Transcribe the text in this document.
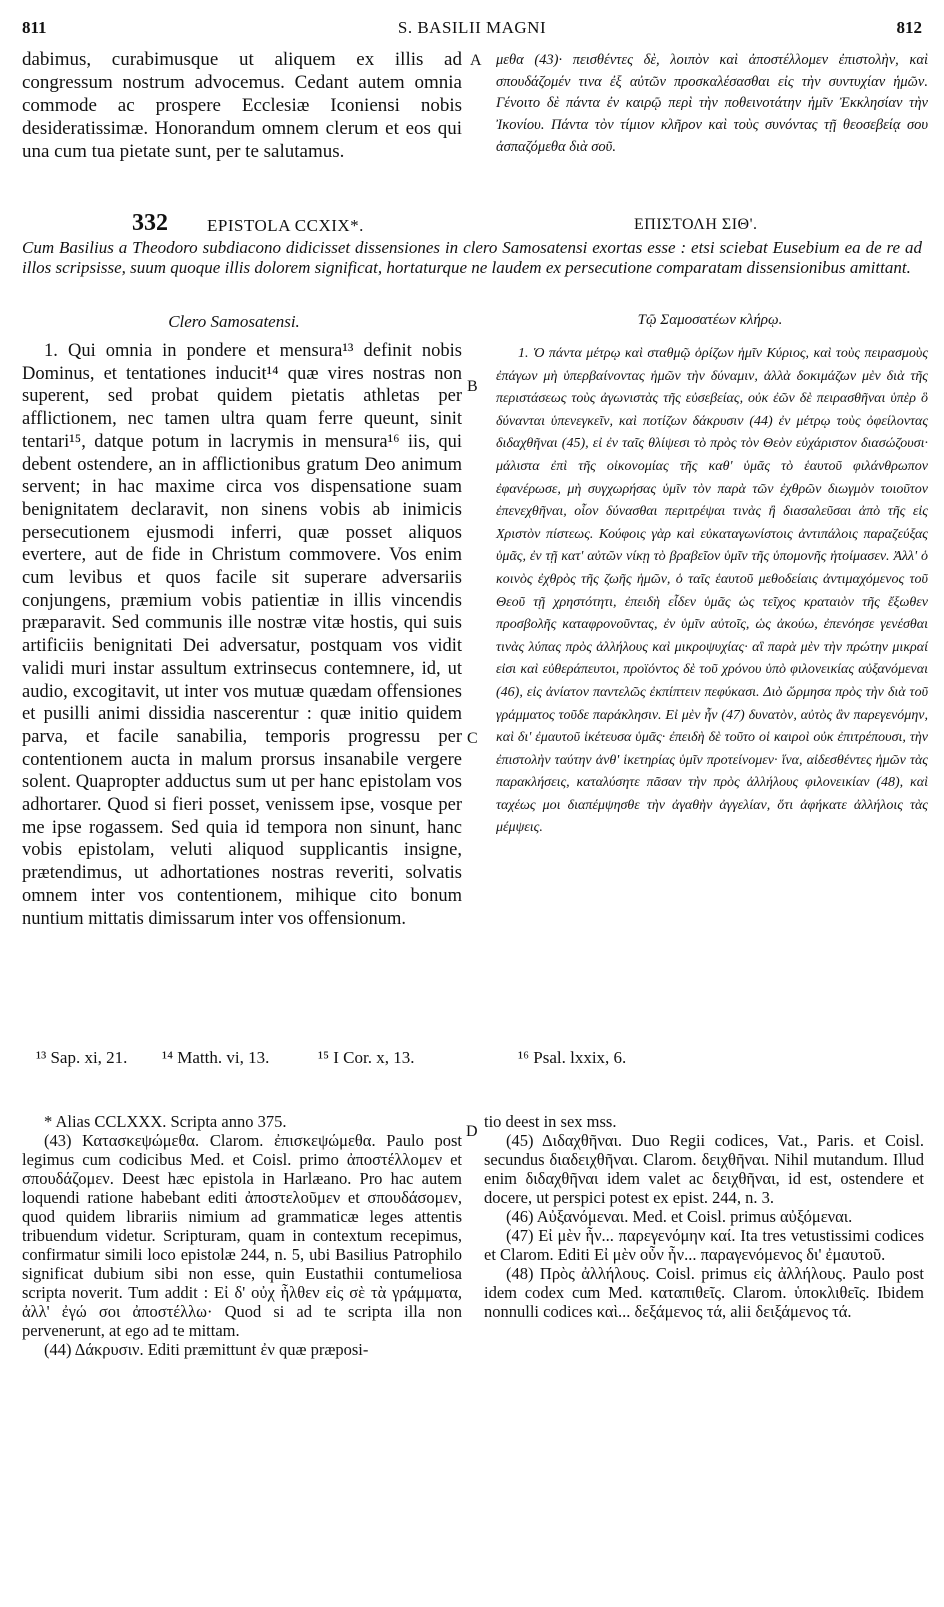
811	S. BASILII MAGNI	812

dabimus, curabimusque ut aliquem ex illis ad congressum nostrum advocemus. Cedant autem omnia commode ac prospere Ecclesiæ Iconiensi nobis desideratissimæ. Honorandum omnem clerum et eos qui una cum tua pietate sunt, per te salutamus.

μεθα (43)· πεισθέντες δὲ, λοιπὸν καὶ ἀποστέλλομεν ἐπιστολὴν, καὶ σπουδάζομέν τινα ἐξ αὐτῶν προσκαλέσασθαι εἰς τὴν συντυχίαν ἡμῶν. Γένοιτο δὲ πάντα ἐν καιρῷ περὶ τὴν ποθεινοτάτην ἡμῖν Ἐκκλησίαν τὴν Ἰκονίου. Πάντα τὸν τίμιον κλῆρον καὶ τοὺς συνόντας τῇ θεοσεβείᾳ σου ἀσπαζόμεθα διὰ σοῦ.

A
B
C
D
332 EPISTOLA CCXIX*.	ΕΠΙΣΤΟΛΗ ΣΙΘ'.

Cum Basilius a Theodoro subdiacono didicisset dissensiones in clero Samosatensi exortas esse : etsi sciebat Eusebium ea de re ad illos scripsisse, suum quoque illis dolorem significat, hortaturque ne laudem ex persecutione comparatam dissensionibus amittant.

Clero Samosatensi.	Τῷ Σαμοσατέων κλήρῳ.

1. Qui omnia in pondere et mensura¹³ definit nobis Dominus, et tentationes inducit¹⁴ quæ vires nostras non superent, sed probat quidem pietatis athletas per afflictionem, nec tamen ultra quam ferre queunt, sinit tentari¹⁵, datque potum in lacrymis in mensura¹⁶ iis, qui debent ostendere, an in afflictionibus gratum Deo animum servent; in hac maxime circa vos dispensatione suam benignitatem declaravit, non sinens vobis ab inimicis persecutionem ejusmodi inferri, quæ posset aliquos evertere, aut de fide in Christum commovere. Vos enim cum levibus et quos facile sit superare adversariis conjungens, præmium vobis patientiæ in illis vincendis præparavit. Sed communis ille nostræ vitæ hostis, qui suis artificiis benignitati Dei adversatur, postquam vos vidit validi muri instar assultum extrinsecus contemnere, id, ut audio, excogitavit, ut inter vos mutuæ quædam offensiones et pusilli animi dissidia nascerentur : quæ initio quidem parva, et facile sanabilia, temporis progressu per contentionem aucta in malum prorsus insanabile vergere solent. Quapropter adductus sum ut per hanc epistolam vos adhortarer. Quod si fieri posset, venissem ipse, vosque per me ipse rogassem. Sed quia id tempora non sinunt, hanc vobis epistolam, veluti aliquod supplicantis insigne, prætendimus, ut adhortationes nostras reveriti, solvatis omnem inter vos contentionem, mihique cito bonum nuntium mittatis dimissarum inter vos offensionum.

1. Ὁ πάντα μέτρῳ καὶ σταθμῷ ὁρίζων ἡμῖν Κύριος, καὶ τοὺς πειρασμοὺς ἐπάγων μὴ ὑπερβαίνοντας ἡμῶν τὴν δύναμιν, ἀλλὰ δοκιμάζων μὲν διὰ τῆς περιστάσεως τοὺς ἀγωνιστὰς τῆς εὐσεβείας, οὐκ ἐῶν δὲ πειρασθῆναι ὑπὲρ ὃ δύνανται ὑπενεγκεῖν, καὶ ποτίζων δάκρυσιν (44) ἐν μέτρῳ τοὺς ὀφείλοντας διδαχθῆναι (45), εἰ ἐν ταῖς θλίψεσι τὸ πρὸς τὸν Θεὸν εὐχάριστον διασώζουσι· μάλιστα ἐπὶ τῆς οἰκονομίας τῆς καθ' ὑμᾶς τὸ ἑαυτοῦ φιλάνθρωπον ἐφανέρωσε, μὴ συγχωρήσας ὑμῖν τὸν παρὰ τῶν ἐχθρῶν διωγμὸν τοιοῦτον ἐπενεχθῆναι, οἷον δύνασθαι περιτρέψαι τινὰς ἢ διασαλεῦσαι ἀπὸ τῆς εἰς Χριστὸν πίστεως. Κούφοις γὰρ καὶ εὐκαταγωνίστοις ἀντιπάλοις παραζεύξας ὑμᾶς, ἐν τῇ κατ' αὐτῶν νίκῃ τὸ βραβεῖον ὑμῖν τῆς ὑπομονῆς ἡτοίμασεν. Ἀλλ' ὁ κοινὸς ἐχθρὸς τῆς ζωῆς ἡμῶν, ὁ ταῖς ἑαυτοῦ μεθοδείαις ἀντιμαχόμενος τοῦ Θεοῦ τῇ χρηστότητι, ἐπειδὴ εἶδεν ὑμᾶς ὡς τεῖχος κραταιὸν τῆς ἔξωθεν προσβολῆς καταφρονοῦντας, ἐν ὑμῖν αὐτοῖς, ὡς ἀκούω, ἐπενόησε γενέσθαι τινὰς λύπας πρὸς ἀλλήλους καὶ μικροψυχίας· αἳ παρὰ μὲν τὴν πρώτην μικραί εἰσι καὶ εὐθεράπευτοι, προϊόντος δὲ τοῦ χρόνου ὑπὸ φιλονεικίας αὐξανόμεναι (46), εἰς ἀνίατον παντελῶς ἐκπίπτειν πεφύκασι. Διὸ ὥρμησα πρὸς τὴν διὰ τοῦ γράμματος τοῦδε παράκλησιν. Εἰ μὲν ἦν (47) δυνατὸν, αὐτὸς ἂν παρεγενόμην, καὶ δι' ἐμαυτοῦ ἱκέτευσα ὑμᾶς· ἐπειδὴ δὲ τοῦτο οἱ καιροὶ οὐκ ἐπιτρέπουσι, τὴν ἐπιστολὴν ταύτην ἀνθ' ἱκετηρίας ὑμῖν προτείνομεν· ἵνα, αἰδεσθέντες ἡμῶν τὰς παρακλήσεις, καταλύσητε πᾶσαν τὴν πρὸς ἀλλήλους φιλονεικίαν (48), καὶ ταχέως μοι διαπέμψησθε τὴν ἀγαθὴν ἀγγελίαν, ὅτι ἀφήκατε ἀλλήλοις τὰς μέμψεις.

¹³ Sap. xi, 21. ¹⁴ Matth. vi, 13.	¹⁵ I Cor. x, 13.	¹⁶ Psal. lxxix, 6.

* Alias CCLXXX. Scripta anno 375.

(43) Κατασκεψώμεθα. Clarom. ἐπισκεψώμεθα. Paulo post legimus cum codicibus Med. et Coisl. primo ἀποστέλλομεν et σπουδάζομεν. Deest hæc epistola in Harlæano. Pro hac autem loquendi ratione habebant editi ἀποστελοῦμεν et σπουδάσομεν, quod quidem librariis nimium ad grammaticæ leges attentis tribuendum videtur. Scripturam, quam in contextum recepimus, confirmatur simili loco epistolæ 244, n. 5, ubi Basilius Patrophilo significat dubium sibi non esse, quin Eustathii contumeliosa scripta noverit. Tum addit : Εἰ δ' οὐχ ἦλθεν εἰς σὲ τὰ γράμματα, ἀλλ' ἐγώ σοι ἀποστέλλω· Quod si ad te scripta illa non pervenerunt, at ego ad te mittam.

(44) Δάκρυσιν. Editi præmittunt ἐν quæ præposi-

tio deest in sex mss.

(45) Διδαχθῆναι. Duo Regii codices, Vat., Paris. et Coisl. secundus διαδειχθῆναι. Clarom. δειχθῆναι. Nihil mutandum. Illud enim διδαχθῆναι idem valet ac δειχθῆναι, id est, ostendere et docere, ut perspici potest ex epist. 244, n. 3.

(46) Αὐξανόμεναι. Med. et Coisl. primus αὐξόμεναι.

(47) Εἰ μὲν ἦν... παρεγενόμην καί. Ita tres vetustissimi codices et Clarom. Editi Εἰ μὲν οὖν ἦν... παραγενόμενος δι' ἐμαυτοῦ.

(48) Πρὸς ἀλλήλους. Coisl. primus εἰς ἀλλήλους. Paulo post idem codex cum Med. καταπιθεῖς. Clarom. ὑποκλιθεῖς. Ibidem nonnulli codices καὶ... δεξάμενος τά, alii δειξάμενος τά.
